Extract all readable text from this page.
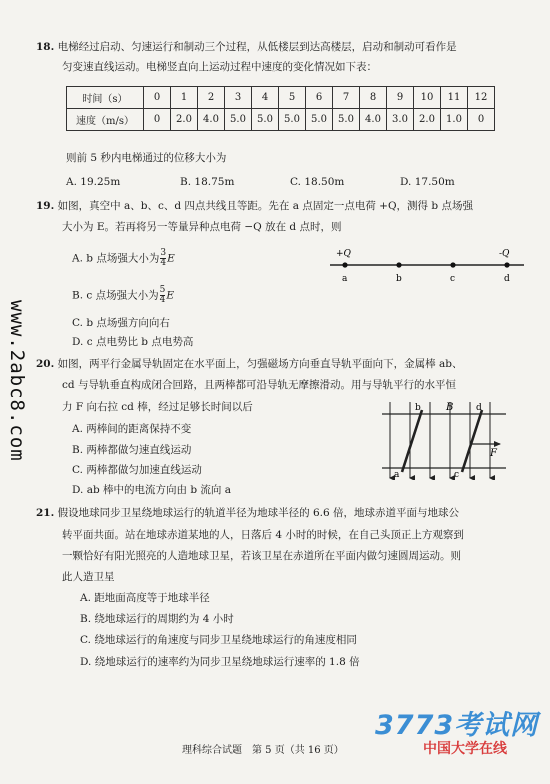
www.2abc8.com
18. 电梯经过启动、匀速运行和制动三个过程，从低楼层到达高楼层，启动和制动可看作是
匀变速直线运动。电梯竖直向上运动过程中速度的变化情况如下表：
时间（s）	0	1	2	3	4	5	6	7	8	9	10	11	12
速度（m/s）	0	2.0	4.0	5.0	5.0	5.0	5.0	5.0	4.0	3.0	2.0	1.0	0
则前 5 秒内电梯通过的位移大小为
A. 19.25m	B. 18.75m	C. 18.50m	D. 17.50m
19. 如图，真空中 a、b、c、d 四点共线且等距。先在 a 点固定一点电荷 +Q，测得 b 点场强
大小为 E。若再将另一等量异种点电荷 −Q 放在 d 点时，则
A. b 点场强大小为 $\frac{3}{4}$ E
B. c 点场强大小为 $\frac{5}{4}$ E
C. b 点场强方向向右
D. c 点电势比 b 点电势高
+Q	-Q
a	b	c	d
20. 如图，两平行金属导轨固定在水平面上，匀强磁场方向垂直导轨平面向下，金属棒 ab、
cd 与导轨垂直构成闭合回路，且两棒都可沿导轨无摩擦滑动。用与导轨平行的水平恒
力 F 向右拉 cd 棒，经过足够长时间以后
A. 两棒间的距离保持不变
B. 两棒都做匀速直线运动
C. 两棒都做匀加速直线运动
D. ab 棒中的电流方向由 b 流向 a
b	B	d
a	c
F
21. 假设地球同步卫星绕地球运行的轨道半径为地球半径的 6.6 倍，地球赤道平面与地球公
转平面共面。站在地球赤道某地的人，日落后 4 小时的时候，在自己头顶正上方观察到
一颗恰好有阳光照亮的人造地球卫星，若该卫星在赤道所在平面内做匀速圆周运动。则
此人造卫星
A. 距地面高度等于地球半径
B. 绕地球运行的周期约为 4 小时
C. 绕地球运行的角速度与同步卫星绕地球运行的角速度相同
D. 绕地球运行的速率约为同步卫星绕地球运行速率的 1.8 倍
理科综合试题　第 5 页（共 16 页）
3773考试网
中国大学在线
